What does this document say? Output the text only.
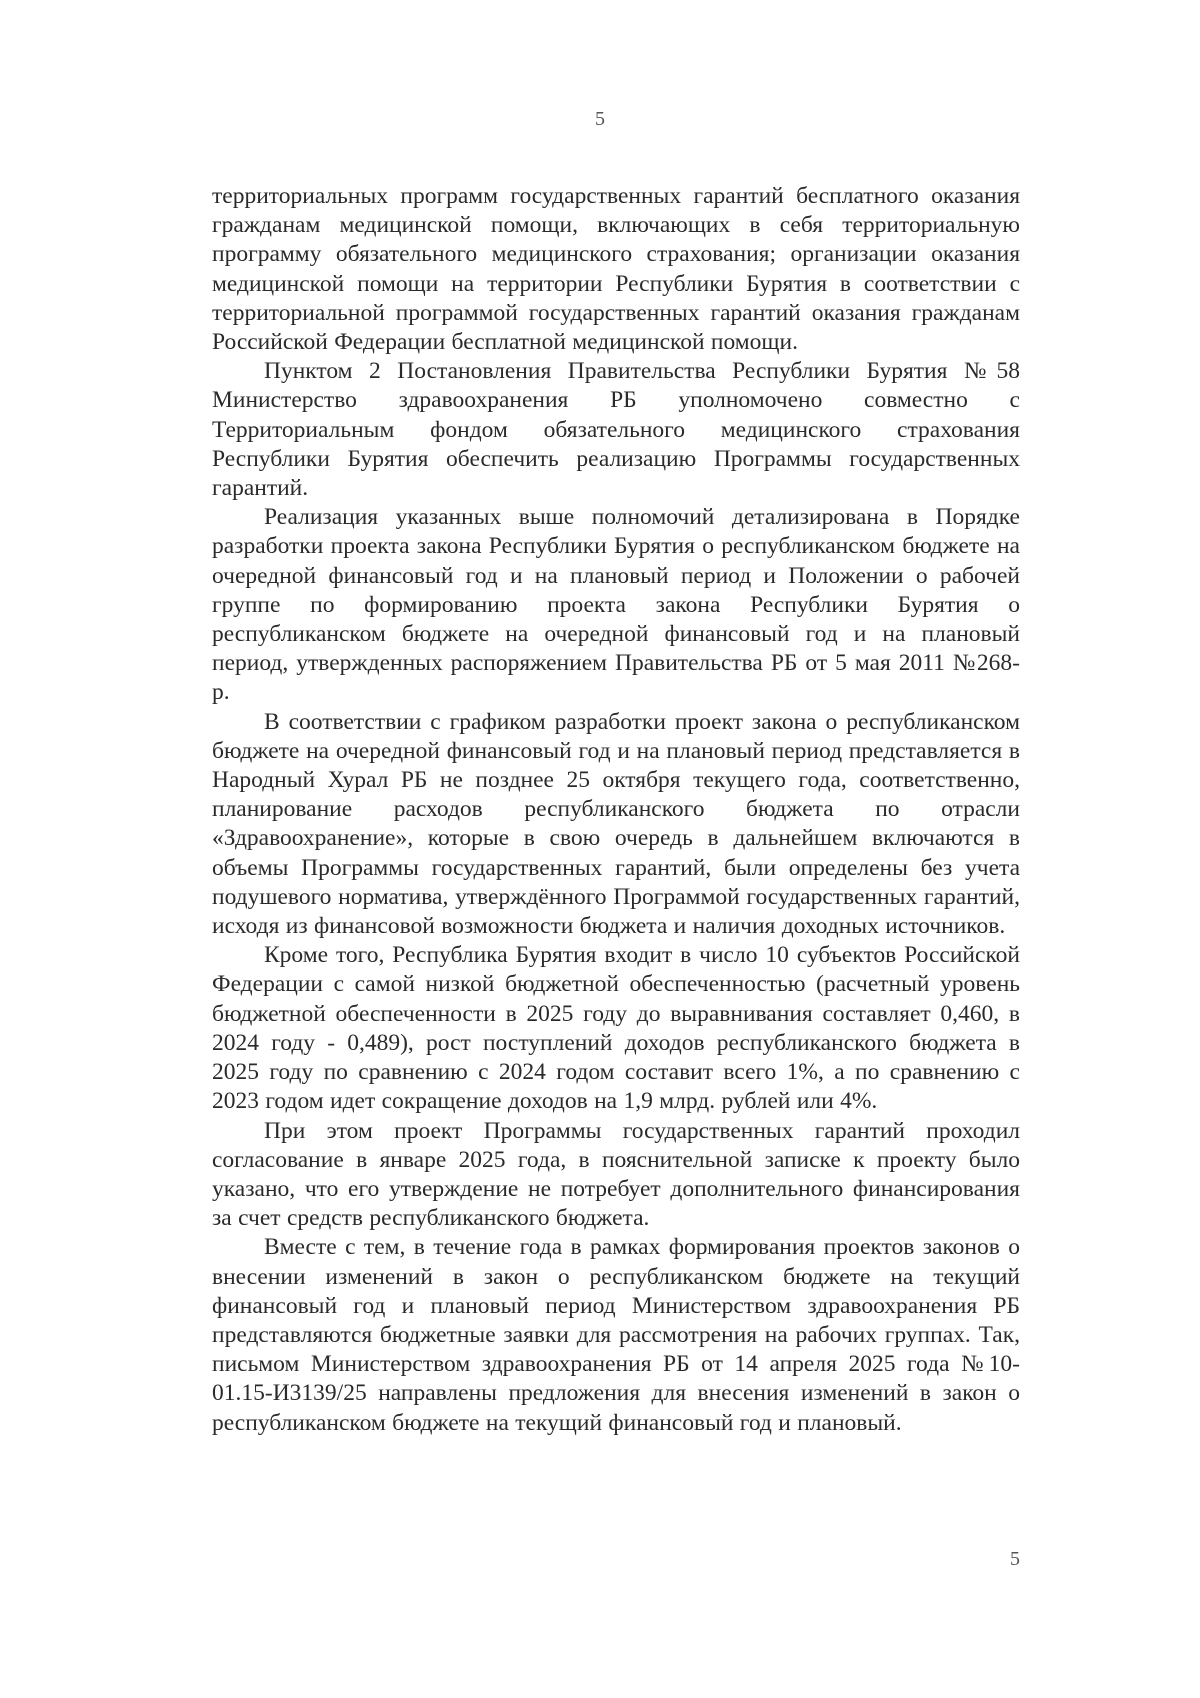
5

территориальных программ государственных гарантий бесплатного оказания гражданам медицинской помощи, включающих в себя территориальную программу обязательного медицинского страхования; организации оказания медицинской помощи на территории Республики Бурятия в соответствии с территориальной программой государственных гарантий оказания гражданам Российской Федерации бесплатной медицинской помощи.

Пунктом 2 Постановления Правительства Республики Бурятия №58 Министерство здравоохранения РБ уполномочено совместно с Территориальным фондом обязательного медицинского страхования Республики Бурятия обеспечить реализацию Программы государственных гарантий.

Реализация указанных выше полномочий детализирована в Порядке разработки проекта закона Республики Бурятия о республиканском бюджете на очередной финансовый год и на плановый период и Положении о рабочей группе по формированию проекта закона Республики Бурятия о республиканском бюджете на очередной финансовый год и на плановый период, утвержденных распоряжением Правительства РБ от 5 мая 2011 №268-р.

В соответствии с графиком разработки проект закона о республиканском бюджете на очередной финансовый год и на плановый период представляется в Народный Хурал РБ не позднее 25 октября текущего года, соответственно, планирование расходов республиканского бюджета по отрасли «Здравоохранение», которые в свою очередь в дальнейшем включаются в объемы Программы государственных гарантий, были определены без учета подушевого норматива, утверждённого Программой государственных гарантий, исходя из финансовой возможности бюджета и наличия доходных источников.

Кроме того, Республика Бурятия входит в число 10 субъектов Российской Федерации с самой низкой бюджетной обеспеченностью (расчетный уровень бюджетной обеспеченности в 2025 году до выравнивания составляет 0,460, в 2024 году - 0,489), рост поступлений доходов республиканского бюджета в 2025 году по сравнению с 2024 годом составит всего 1%, а по сравнению с 2023 годом идет сокращение доходов на 1,9 млрд. рублей или 4%.

При этом проект Программы государственных гарантий проходил согласование в январе 2025 года, в пояснительной записке к проекту было указано, что его утверждение не потребует дополнительного финансирования за счет средств республиканского бюджета.

Вместе с тем, в течение года в рамках формирования проектов законов о внесении изменений в закон о республиканском бюджете на текущий финансовый год и плановый период Министерством здравоохранения РБ представляются бюджетные заявки для рассмотрения на рабочих группах. Так, письмом Министерством здравоохранения РБ от 14 апреля 2025 года №10-01.15-И3139/25 направлены предложения для внесения изменений в закон о республиканском бюджете на текущий финансовый год и плановый.

5
